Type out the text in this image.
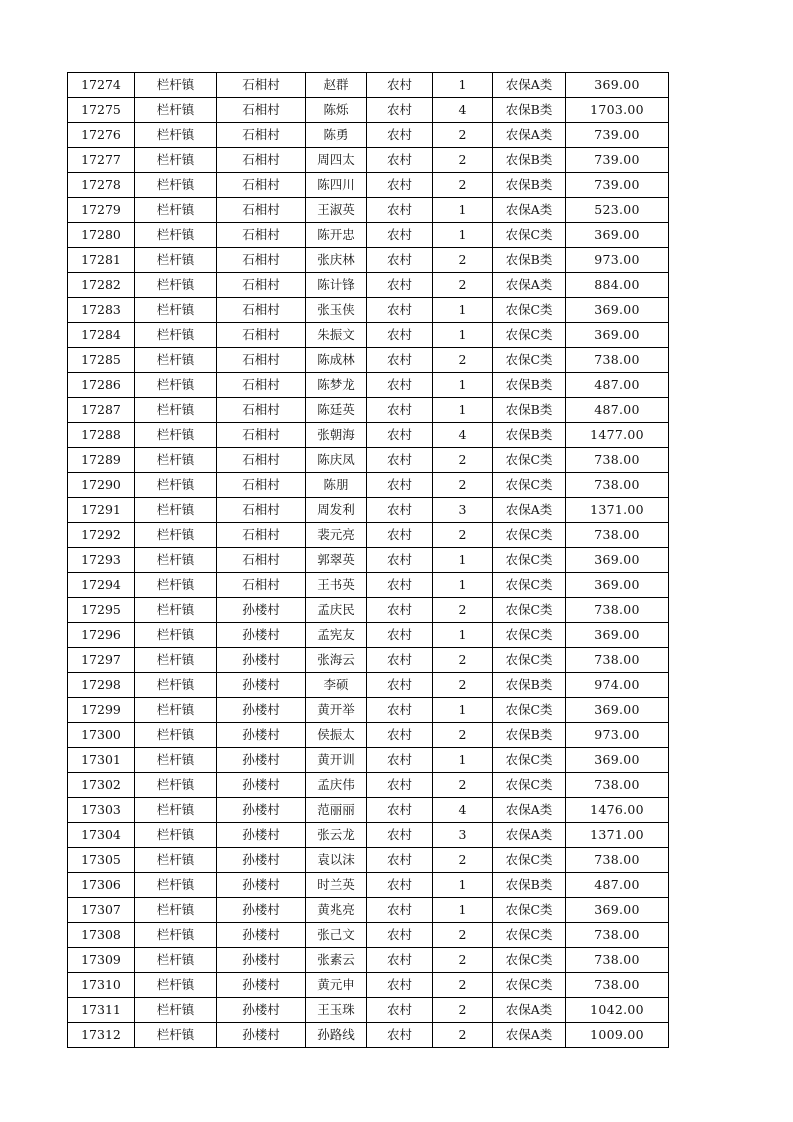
17274	栏杆镇	石相村	赵群	农村	1	农保A类	369.00
17275	栏杆镇	石相村	陈烁	农村	4	农保B类	1703.00
17276	栏杆镇	石相村	陈勇	农村	2	农保A类	739.00
17277	栏杆镇	石相村	周四太	农村	2	农保B类	739.00
17278	栏杆镇	石相村	陈四川	农村	2	农保B类	739.00
17279	栏杆镇	石相村	王淑英	农村	1	农保A类	523.00
17280	栏杆镇	石相村	陈开忠	农村	1	农保C类	369.00
17281	栏杆镇	石相村	张庆林	农村	2	农保B类	973.00
17282	栏杆镇	石相村	陈计锋	农村	2	农保A类	884.00
17283	栏杆镇	石相村	张玉侠	农村	1	农保C类	369.00
17284	栏杆镇	石相村	朱振文	农村	1	农保C类	369.00
17285	栏杆镇	石相村	陈成林	农村	2	农保C类	738.00
17286	栏杆镇	石相村	陈梦龙	农村	1	农保B类	487.00
17287	栏杆镇	石相村	陈廷英	农村	1	农保B类	487.00
17288	栏杆镇	石相村	张朝海	农村	4	农保B类	1477.00
17289	栏杆镇	石相村	陈庆凤	农村	2	农保C类	738.00
17290	栏杆镇	石相村	陈朋	农村	2	农保C类	738.00
17291	栏杆镇	石相村	周发利	农村	3	农保A类	1371.00
17292	栏杆镇	石相村	裴元亮	农村	2	农保C类	738.00
17293	栏杆镇	石相村	郭翠英	农村	1	农保C类	369.00
17294	栏杆镇	石相村	王书英	农村	1	农保C类	369.00
17295	栏杆镇	孙楼村	孟庆民	农村	2	农保C类	738.00
17296	栏杆镇	孙楼村	孟宪友	农村	1	农保C类	369.00
17297	栏杆镇	孙楼村	张海云	农村	2	农保C类	738.00
17298	栏杆镇	孙楼村	李硕	农村	2	农保B类	974.00
17299	栏杆镇	孙楼村	黄开举	农村	1	农保C类	369.00
17300	栏杆镇	孙楼村	侯振太	农村	2	农保B类	973.00
17301	栏杆镇	孙楼村	黄开训	农村	1	农保C类	369.00
17302	栏杆镇	孙楼村	孟庆伟	农村	2	农保C类	738.00
17303	栏杆镇	孙楼村	范丽丽	农村	4	农保A类	1476.00
17304	栏杆镇	孙楼村	张云龙	农村	3	农保A类	1371.00
17305	栏杆镇	孙楼村	袁以沫	农村	2	农保C类	738.00
17306	栏杆镇	孙楼村	时兰英	农村	1	农保B类	487.00
17307	栏杆镇	孙楼村	黄兆亮	农村	1	农保C类	369.00
17308	栏杆镇	孙楼村	张己文	农村	2	农保C类	738.00
17309	栏杆镇	孙楼村	张素云	农村	2	农保C类	738.00
17310	栏杆镇	孙楼村	黄元申	农村	2	农保C类	738.00
17311	栏杆镇	孙楼村	王玉珠	农村	2	农保A类	1042.00
17312	栏杆镇	孙楼村	孙路线	农村	2	农保A类	1009.00
